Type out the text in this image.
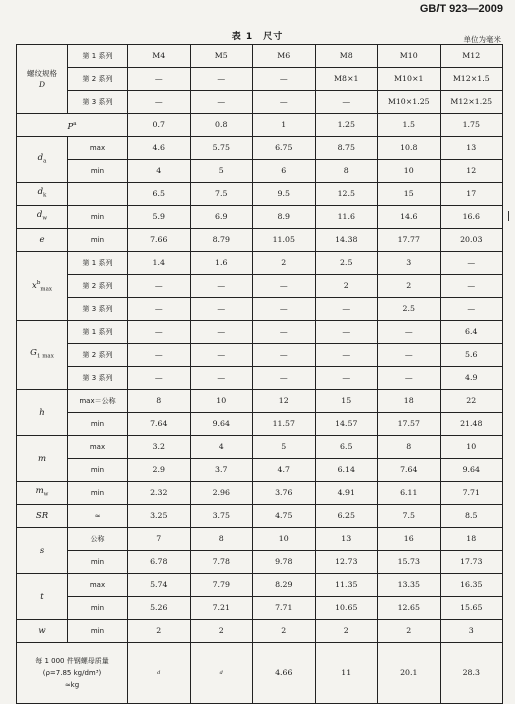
GB/T 923—2009
表 1　尺寸	单位为毫米
螺纹规格
D	第 1 系列	M4	M5	M6	M8	M10	M12
	第 2 系列	—	—	—	M8×1	M10×1	M12×1.5
	第 3 系列	—	—	—	—	M10×1.25	M12×1.25
$P^a$		0.7	0.8	1	1.25	1.5	1.75
$d_a$	max	4.6	5.75	6.75	8.75	10.8	13
	min	4	5	6	8	10	12
$d_k$		6.5	7.5	9.5	12.5	15	17
$d_w$	min	5.9	6.9	8.9	11.6	14.6	16.6
e	min	7.66	8.79	11.05	14.38	17.77	20.03
$x^b_{max}$	第 1 系列	1.4	1.6	2	2.5	3	—
	第 2 系列	—	—	—	2	2	—
	第 3 系列	—	—	—	—	2.5	—
$G_{1 max}$	第 1 系列	—	—	—	—	—	6.4
	第 2 系列	—	—	—	—	—	5.6
	第 3 系列	—	—	—	—	—	4.9
h	max＝公称	8	10	12	15	18	22
	min	7.64	9.64	11.57	14.57	17.57	21.48
m	max	3.2	4	5	6.5	8	10
	min	2.9	3.7	4.7	6.14	7.64	9.64
$m_w$	min	2.32	2.96	3.76	4.91	6.11	7.71
SR	≈	3.25	3.75	4.75	6.25	7.5	8.5
s	公称	7	8	10	13	16	18
	min	6.78	7.78	9.78	12.73	15.73	17.73
t	max	5.74	7.79	8.29	11.35	13.35	16.35
	min	5.26	7.21	7.71	10.65	12.65	15.65
w	min	2	2	2	2	2	3

每 1 000 件钢螺母质量
(ρ=7.85 kg/dm³)
≈kg		d	d	4.66	11	20.1	28.3
